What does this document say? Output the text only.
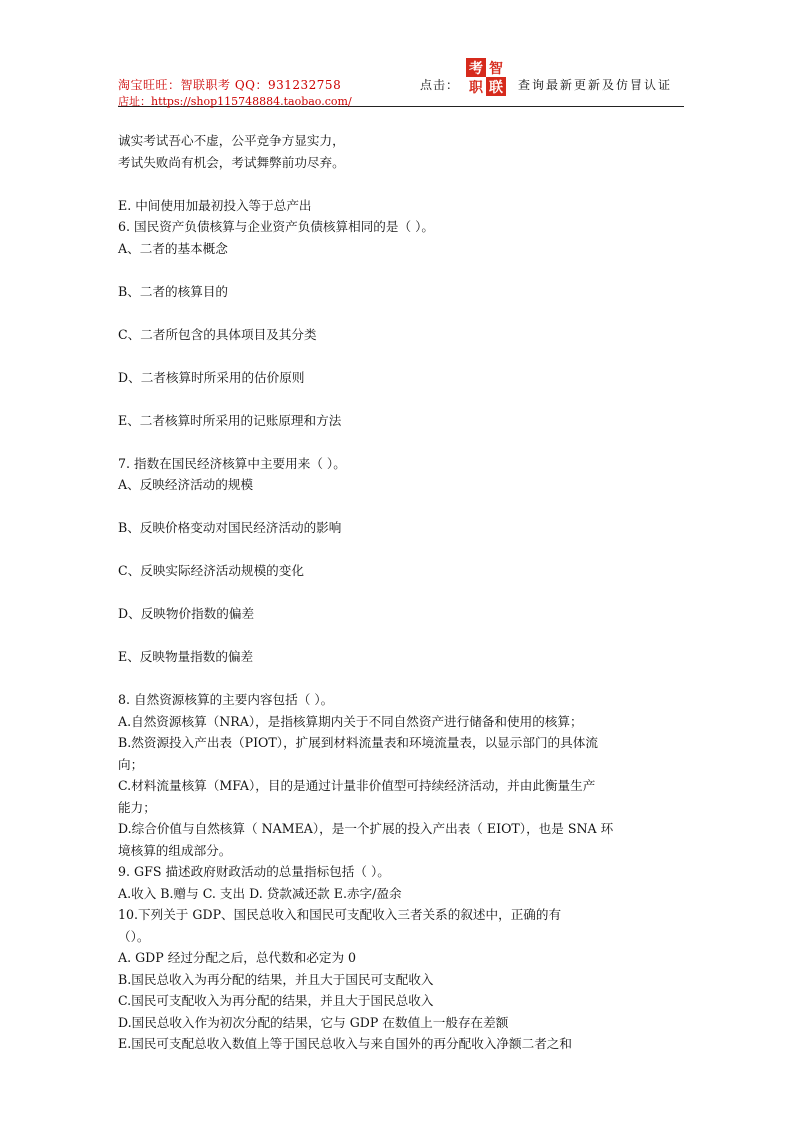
淘宝旺旺：智联职考 QQ：931232758
店址：https://shop115748884.taobao.com/
点击：
考 智
职 联 查询最新更新及仿冒认证

诚实考试吾心不虚，公平竞争方显实力，

考试失败尚有机会，考试舞弊前功尽弃。

E. 中间使用加最初投入等于总产出

6. 国民资产负债核算与企业资产负债核算相同的是（ ）。

A、二者的基本概念

B、二者的核算目的

C、二者所包含的具体项目及其分类

D、二者核算时所采用的估价原则

E、二者核算时所采用的记账原理和方法

7. 指数在国民经济核算中主要用来（ ）。

A、反映经济活动的规模

B、反映价格变动对国民经济活动的影响

C、反映实际经济活动规模的变化

D、反映物价指数的偏差

E、反映物量指数的偏差

8. 自然资源核算的主要内容包括（ ）。

A.自然资源核算（NRA），是指核算期内关于不同自然资产进行储备和使用的核算；

B.然资源投入产出表（PIOT），扩展到材料流量表和环境流量表，以显示部门的具体流

向；

C.材料流量核算（MFA），目的是通过计量非价值型可持续经济活动，并由此衡量生产

能力；

D.综合价值与自然核算（ NAMEA），是一个扩展的投入产出表（ EIOT），也是 SNA 环

境核算的组成部分。

9. GFS 描述政府财政活动的总量指标包括（ ）。

A.收入 B.赠与 C. 支出 D. 贷款减还款 E.赤字/盈余

10.下列关于 GDP、国民总收入和国民可支配收入三者关系的叙述中，正确的有

（）。

A. GDP 经过分配之后，总代数和必定为 0

B.国民总收入为再分配的结果，并且大于国民可支配收入

C.国民可支配收入为再分配的结果，并且大于国民总收入

D.国民总收入作为初次分配的结果，它与 GDP 在数值上一般存在差额

E.国民可支配总收入数值上等于国民总收入与来自国外的再分配收入净额二者之和
